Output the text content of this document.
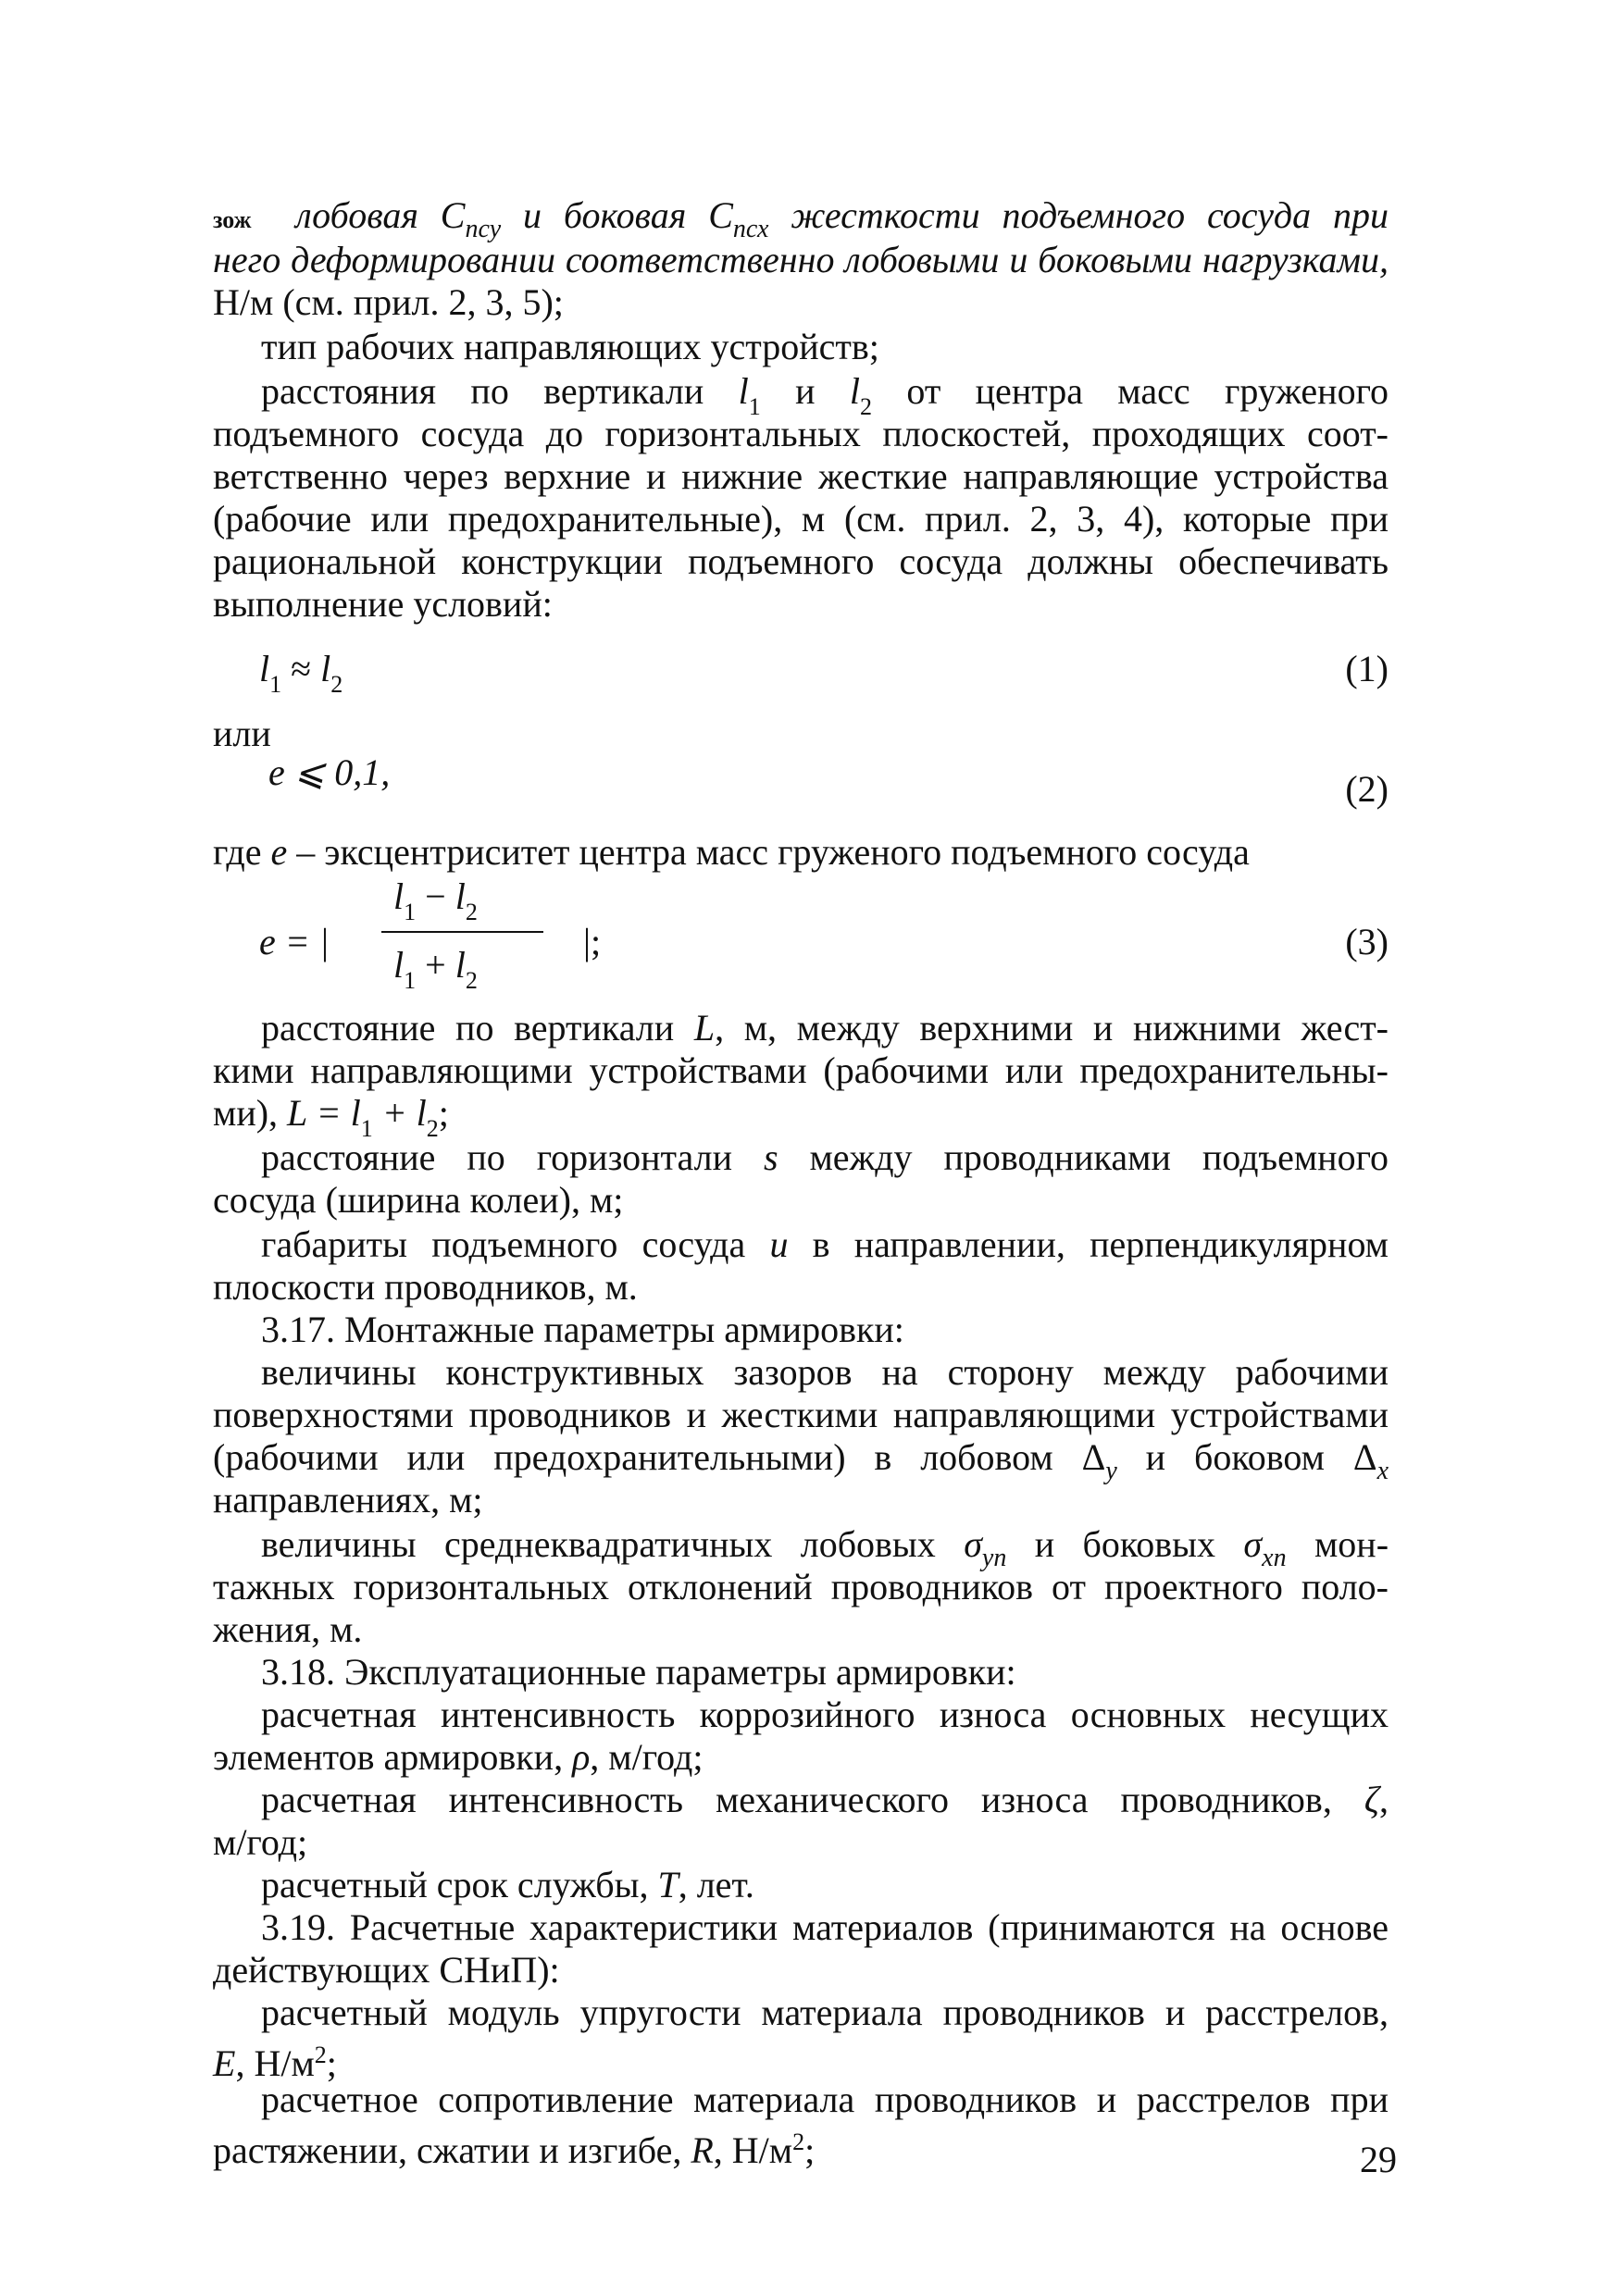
зож лобовая $C_{псу}$ и боковая $C_{псх}$ жесткости подъемного сосуда при
него деформировании соответственно лобовыми и боковыми нагрузками,
Н/м (см. прил. 2, 3, 5);
тип рабочих направляющих устройств;
расстояния по вертикали $l_1$ и $l_2$ от центра масс груженого
подъемного сосуда до горизонтальных плоскостей, проходящих соот-
ветственно через верхние и нижние жесткие направляющие устройства
(рабочие или предохранительные), м (см. прил. 2, 3, 4), которые при
рациональной конструкции подъемного сосуда должны обеспечивать
выполнение условий:
$l_1 \approx l_2$	(1)
или
e ⩽ 0,1,	(2)
где e – эксцентриситет центра масс груженого подъемного сосуда
e = |
$l_1 - l_2$
$l_1 + l_2$
|;	(3)
расстояние по вертикали L, м, между верхними и нижними жест-
кими направляющими устройствами (рабочими или предохранительны-
ми), $L = l_1 + l_2$;
расстояние по горизонтали s между проводниками подъемного
сосуда (ширина колеи), м;
габариты подъемного сосуда u в направлении, перпендикулярном
плоскости проводников, м.
3.17. Монтажные параметры армировки:
величины конструктивных зазоров на сторону между рабочими
поверхностями проводников и жесткими направляющими устройствами
(рабочими или предохранительными) в лобовом $\Delta_y$ и боковом $\Delta_x$
направлениях, м;
величины среднеквадратичных лобовых $\sigma_{yn}$ и боковых $\sigma_{xn}$ мон-
тажных горизонтальных отклонений проводников от проектного поло-
жения, м.
3.18. Эксплуатационные параметры армировки:
расчетная интенсивность коррозийного износа основных несущих
элементов армировки, ρ, м/год;
расчетная интенсивность механического износа проводников, ζ,
м/год;
расчетный срок службы, T, лет.
3.19. Расчетные характеристики материалов (принимаются на основе
действующих СНиП):
расчетный модуль упругости материала проводников и расстрелов,
E, $Н/м^2$;
расчетное сопротивление материала проводников и расстрелов при
растяжении, сжатии и изгибе, R, $Н/м^2$;	29
